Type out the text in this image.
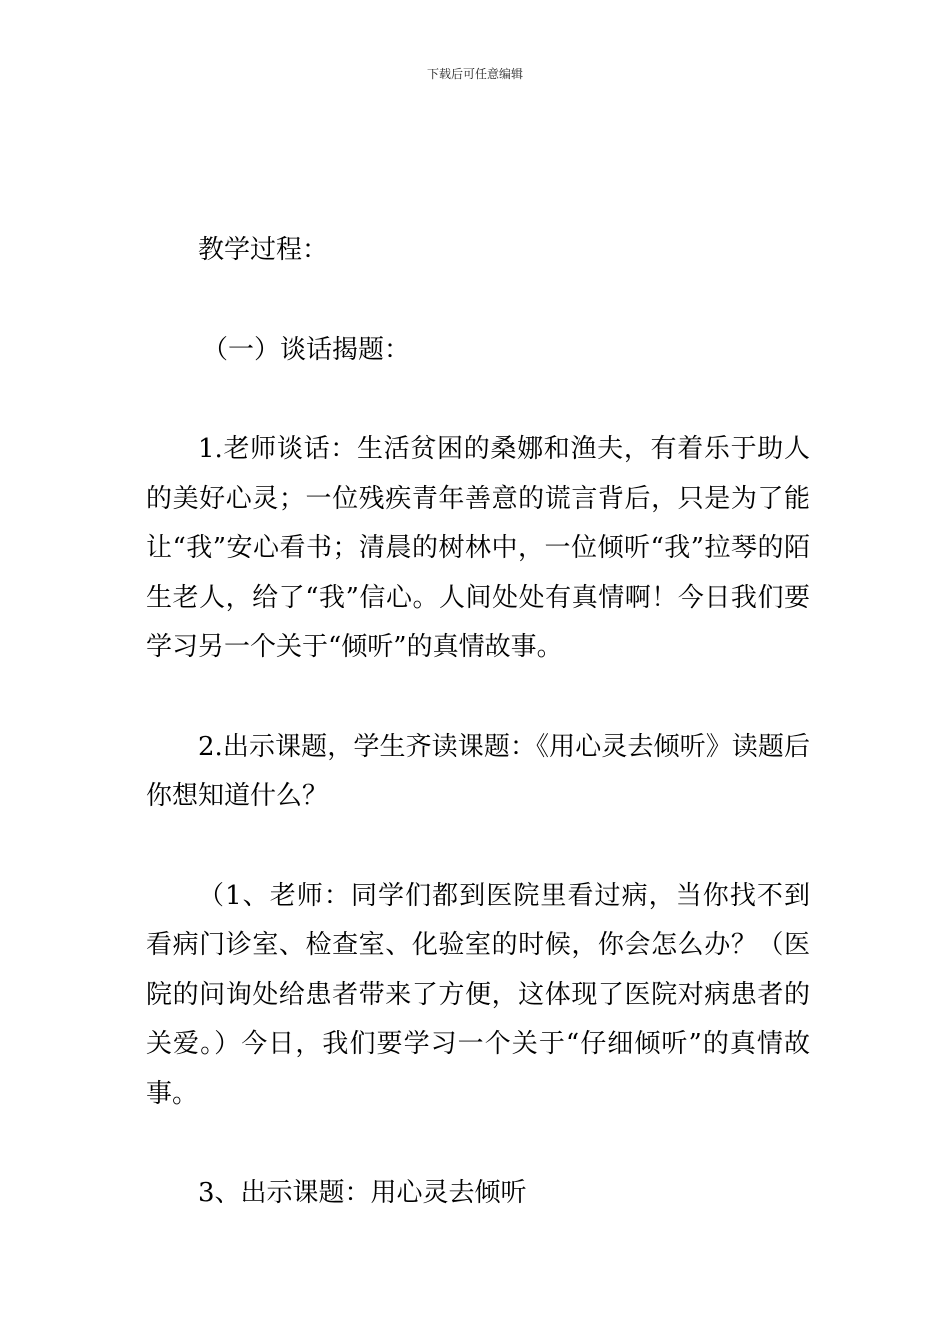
下载后可任意编辑

教学过程：

（一）谈话揭题：

1.老师谈话：生活贫困的桑娜和渔夫，有着乐于助人的美好心灵；一位残疾青年善意的谎言背后，只是为了能让“我”安心看书；清晨的树林中，一位倾听“我”拉琴的陌生老人，给了“我”信心。人间处处有真情啊！今日我们要学习另一个关于“倾听”的真情故事。

2.出示课题，学生齐读课题：《用心灵去倾听》读题后你想知道什么？

（1、老师：同学们都到医院里看过病，当你找不到看病门诊室、检查室、化验室的时候，你会怎么办？（医院的问询处给患者带来了方便，这体现了医院对病患者的关爱。）今日，我们要学习一个关于“仔细倾听”的真情故事。

3、出示课题：用心灵去倾听
